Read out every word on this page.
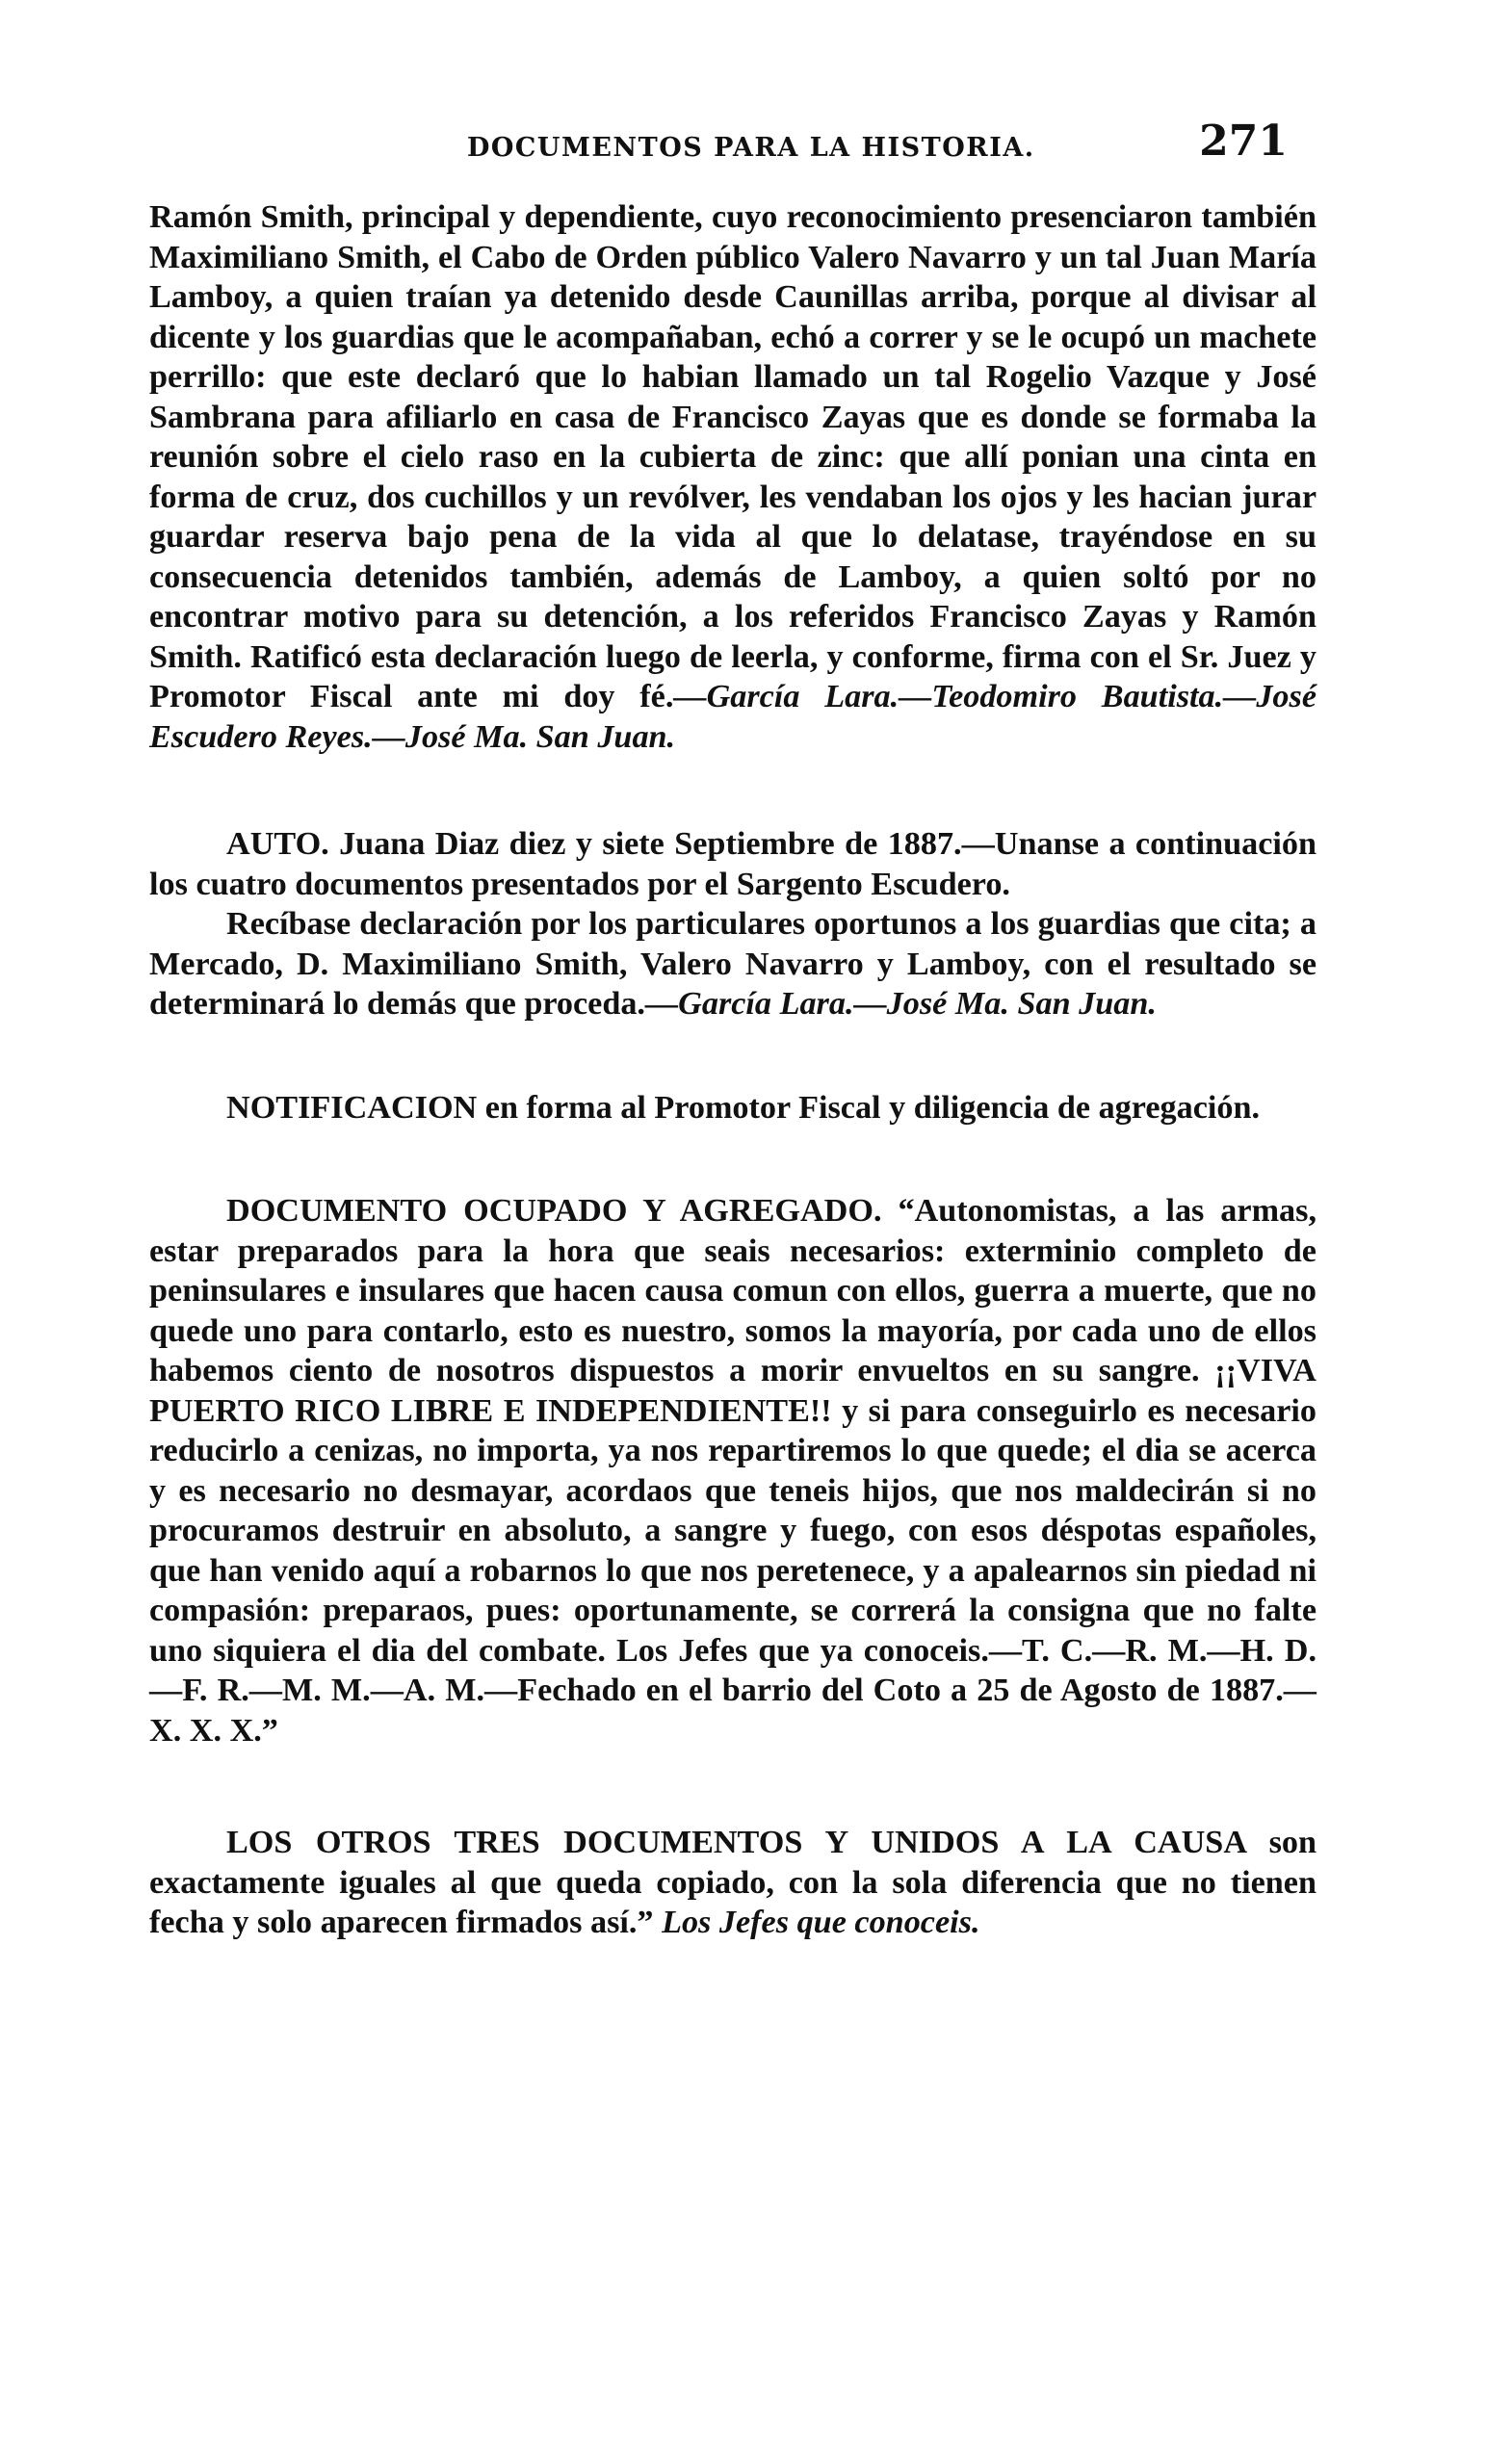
DOCUMENTOS PARA LA HISTORIA.	271

Ramón Smith, principal y dependiente, cuyo reconocimiento presenciaron también Maximiliano Smith, el Cabo de Orden público Valero Navarro y un tal Juan María Lamboy, a quien traían ya detenido desde Caunillas arriba, porque al divisar al dicente y los guardias que le acompañaban, echó a correr y se le ocupó un machete perrillo: que este declaró que lo habian llamado un tal Rogelio Vazque y José Sambrana para afiliarlo en casa de Francisco Zayas que es donde se formaba la reunión sobre el cielo raso en la cubierta de zinc: que allí ponian una cinta en forma de cruz, dos cuchillos y un revólver, les vendaban los ojos y les hacian jurar guardar reserva bajo pena de la vida al que lo delatase, trayéndose en su consecuencia detenidos también, además de Lamboy, a quien soltó por no encontrar motivo para su detención, a los referidos Francisco Zayas y Ramón Smith. Ratificó esta declaración luego de leerla, y conforme, firma con el Sr. Juez y Promotor Fiscal ante mi doy fé.—García Lara.—Teodomiro Bautista.—José Escudero Reyes.—José Ma. San Juan.

AUTO. Juana Diaz diez y siete Septiembre de 1887.—Unanse a continuación los cuatro documentos presentados por el Sargento Escudero.

Recíbase declaración por los particulares oportunos a los guardias que cita; a Mercado, D. Maximiliano Smith, Valero Navarro y Lamboy, con el resultado se determinará lo demás que proceda.—García Lara.—José Ma. San Juan.

NOTIFICACION en forma al Promotor Fiscal y diligencia de agregación.

DOCUMENTO OCUPADO Y AGREGADO. “Autonomistas, a las armas, estar preparados para la hora que seais necesarios: exterminio completo de peninsulares e insulares que hacen causa comun con ellos, guerra a muerte, que no quede uno para contarlo, esto es nuestro, somos la mayoría, por cada uno de ellos habemos ciento de nosotros dispuestos a morir envueltos en su sangre. ¡¡VIVA PUERTO RICO LIBRE E INDEPENDIENTE!! y si para conseguirlo es necesario reducirlo a cenizas, no importa, ya nos repartiremos lo que quede; el dia se acerca y es necesario no desmayar, acordaos que teneis hijos, que nos maldecirán si no procuramos destruir en absoluto, a sangre y fuego, con esos déspotas españoles, que han venido aquí a robarnos lo que nos peretenece, y a apalearnos sin piedad ni compasión: preparaos, pues: oportunamente, se correrá la consigna que no falte uno siquiera el dia del combate. Los Jefes que ya conoceis.—T. C.—R. M.—H. D.—F. R.—M. M.—A. M.—Fechado en el barrio del Coto a 25 de Agosto de 1887.—X. X. X.”

LOS OTROS TRES DOCUMENTOS Y UNIDOS A LA CAUSA son exactamente iguales al que queda copiado, con la sola diferencia que no tienen fecha y solo aparecen firmados así.” Los Jefes que conoceis.
